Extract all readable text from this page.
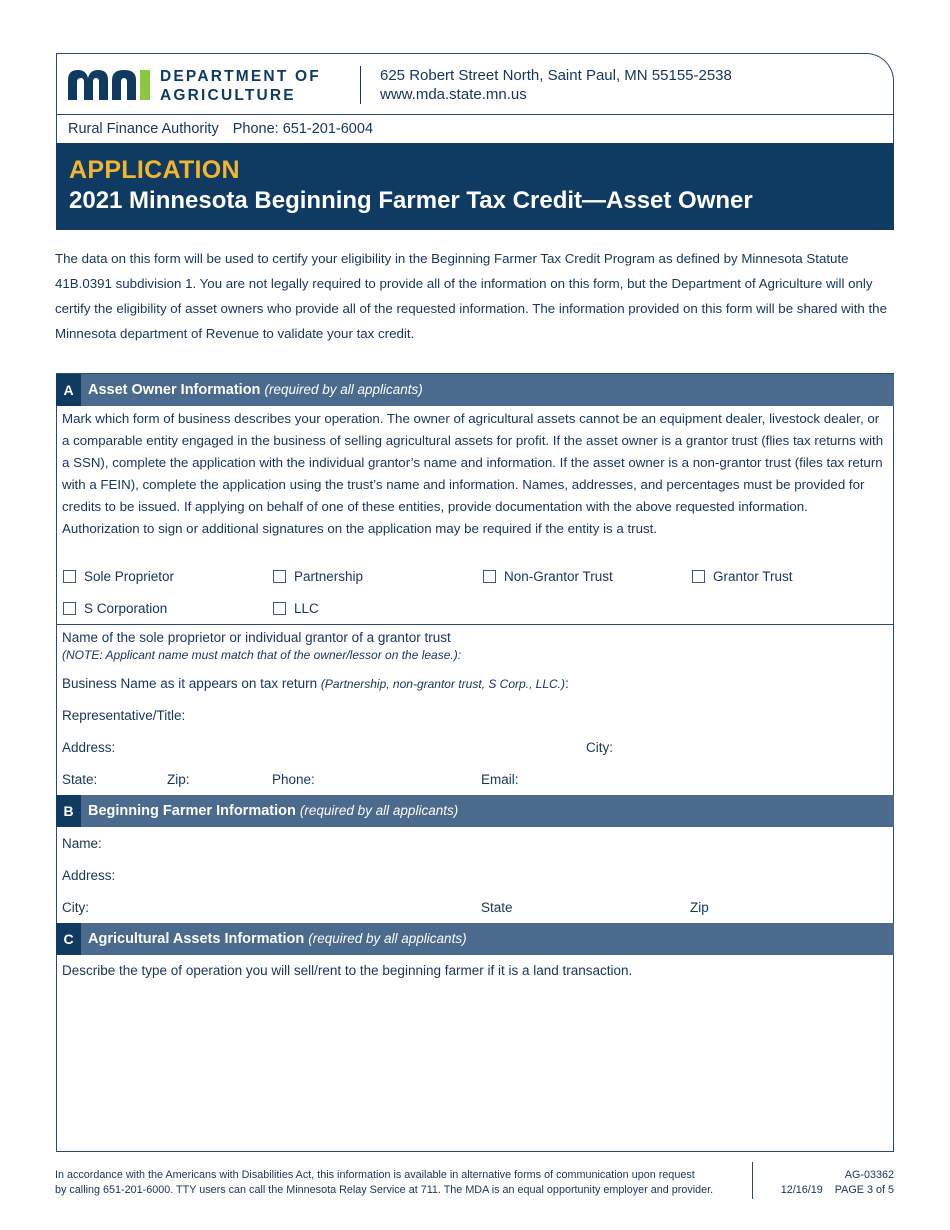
DEPARTMENT OF
AGRICULTURE
625 Robert Street North, Saint Paul, MN 55155-2538
www.mda.state.mn.us
Rural Finance Authority Phone: 651-201-6004
APPLICATION
2021 Minnesota Beginning Farmer Tax Credit—Asset Owner
The data on this form will be used to certify your eligibility in the Beginning Farmer Tax Credit Program as defined by Minnesota Statute 41B.0391 subdivision 1. You are not legally required to provide all of the information on this form, but the Department of Agriculture will only certify the eligibility of asset owners who provide all of the requested information. The information provided on this form will be shared with the Minnesota department of Revenue to validate your tax credit.
A Asset Owner Information (required by all applicants)
Mark which form of business describes your operation. The owner of agricultural assets cannot be an equipment dealer, livestock dealer, or a comparable entity engaged in the business of selling agricultural assets for profit. If the asset owner is a grantor trust (flies tax returns with a SSN), complete the application with the individual grantor’s name and information. If the asset owner is a non-grantor trust (files tax return with a FEIN), complete the application using the trust’s name and information. Names, addresses, and percentages must be provided for credits to be issued. If applying on behalf of one of these entities, provide documentation with the above requested information. Authorization to sign or additional signatures on the application may be required if the entity is a trust.
Sole Proprietor	Partnership	Non-Grantor Trust	Grantor Trust
S Corporation	LLC
Name of the sole proprietor or individual grantor of a grantor trust
(NOTE: Applicant name must match that of the owner/lessor on the lease.):
Business Name as it appears on tax return (Partnership, non-grantor trust, S Corp., LLC.):
Representative/Title:
Address:	City:
State:	Zip:	Phone:	Email:
B Beginning Farmer Information (required by all applicants)
Name:
Address:
City:	State	Zip
C Agricultural Assets Information (required by all applicants)
Describe the type of operation you will sell/rent to the beginning farmer if it is a land transaction.
In accordance with the Americans with Disabilities Act, this information is available in alternative forms of communication upon request
by calling 651-201-6000. TTY users can call the Minnesota Relay Service at 711. The MDA is an equal opportunity employer and provider.
AG-03362
12/16/19 PAGE 3 of 5
